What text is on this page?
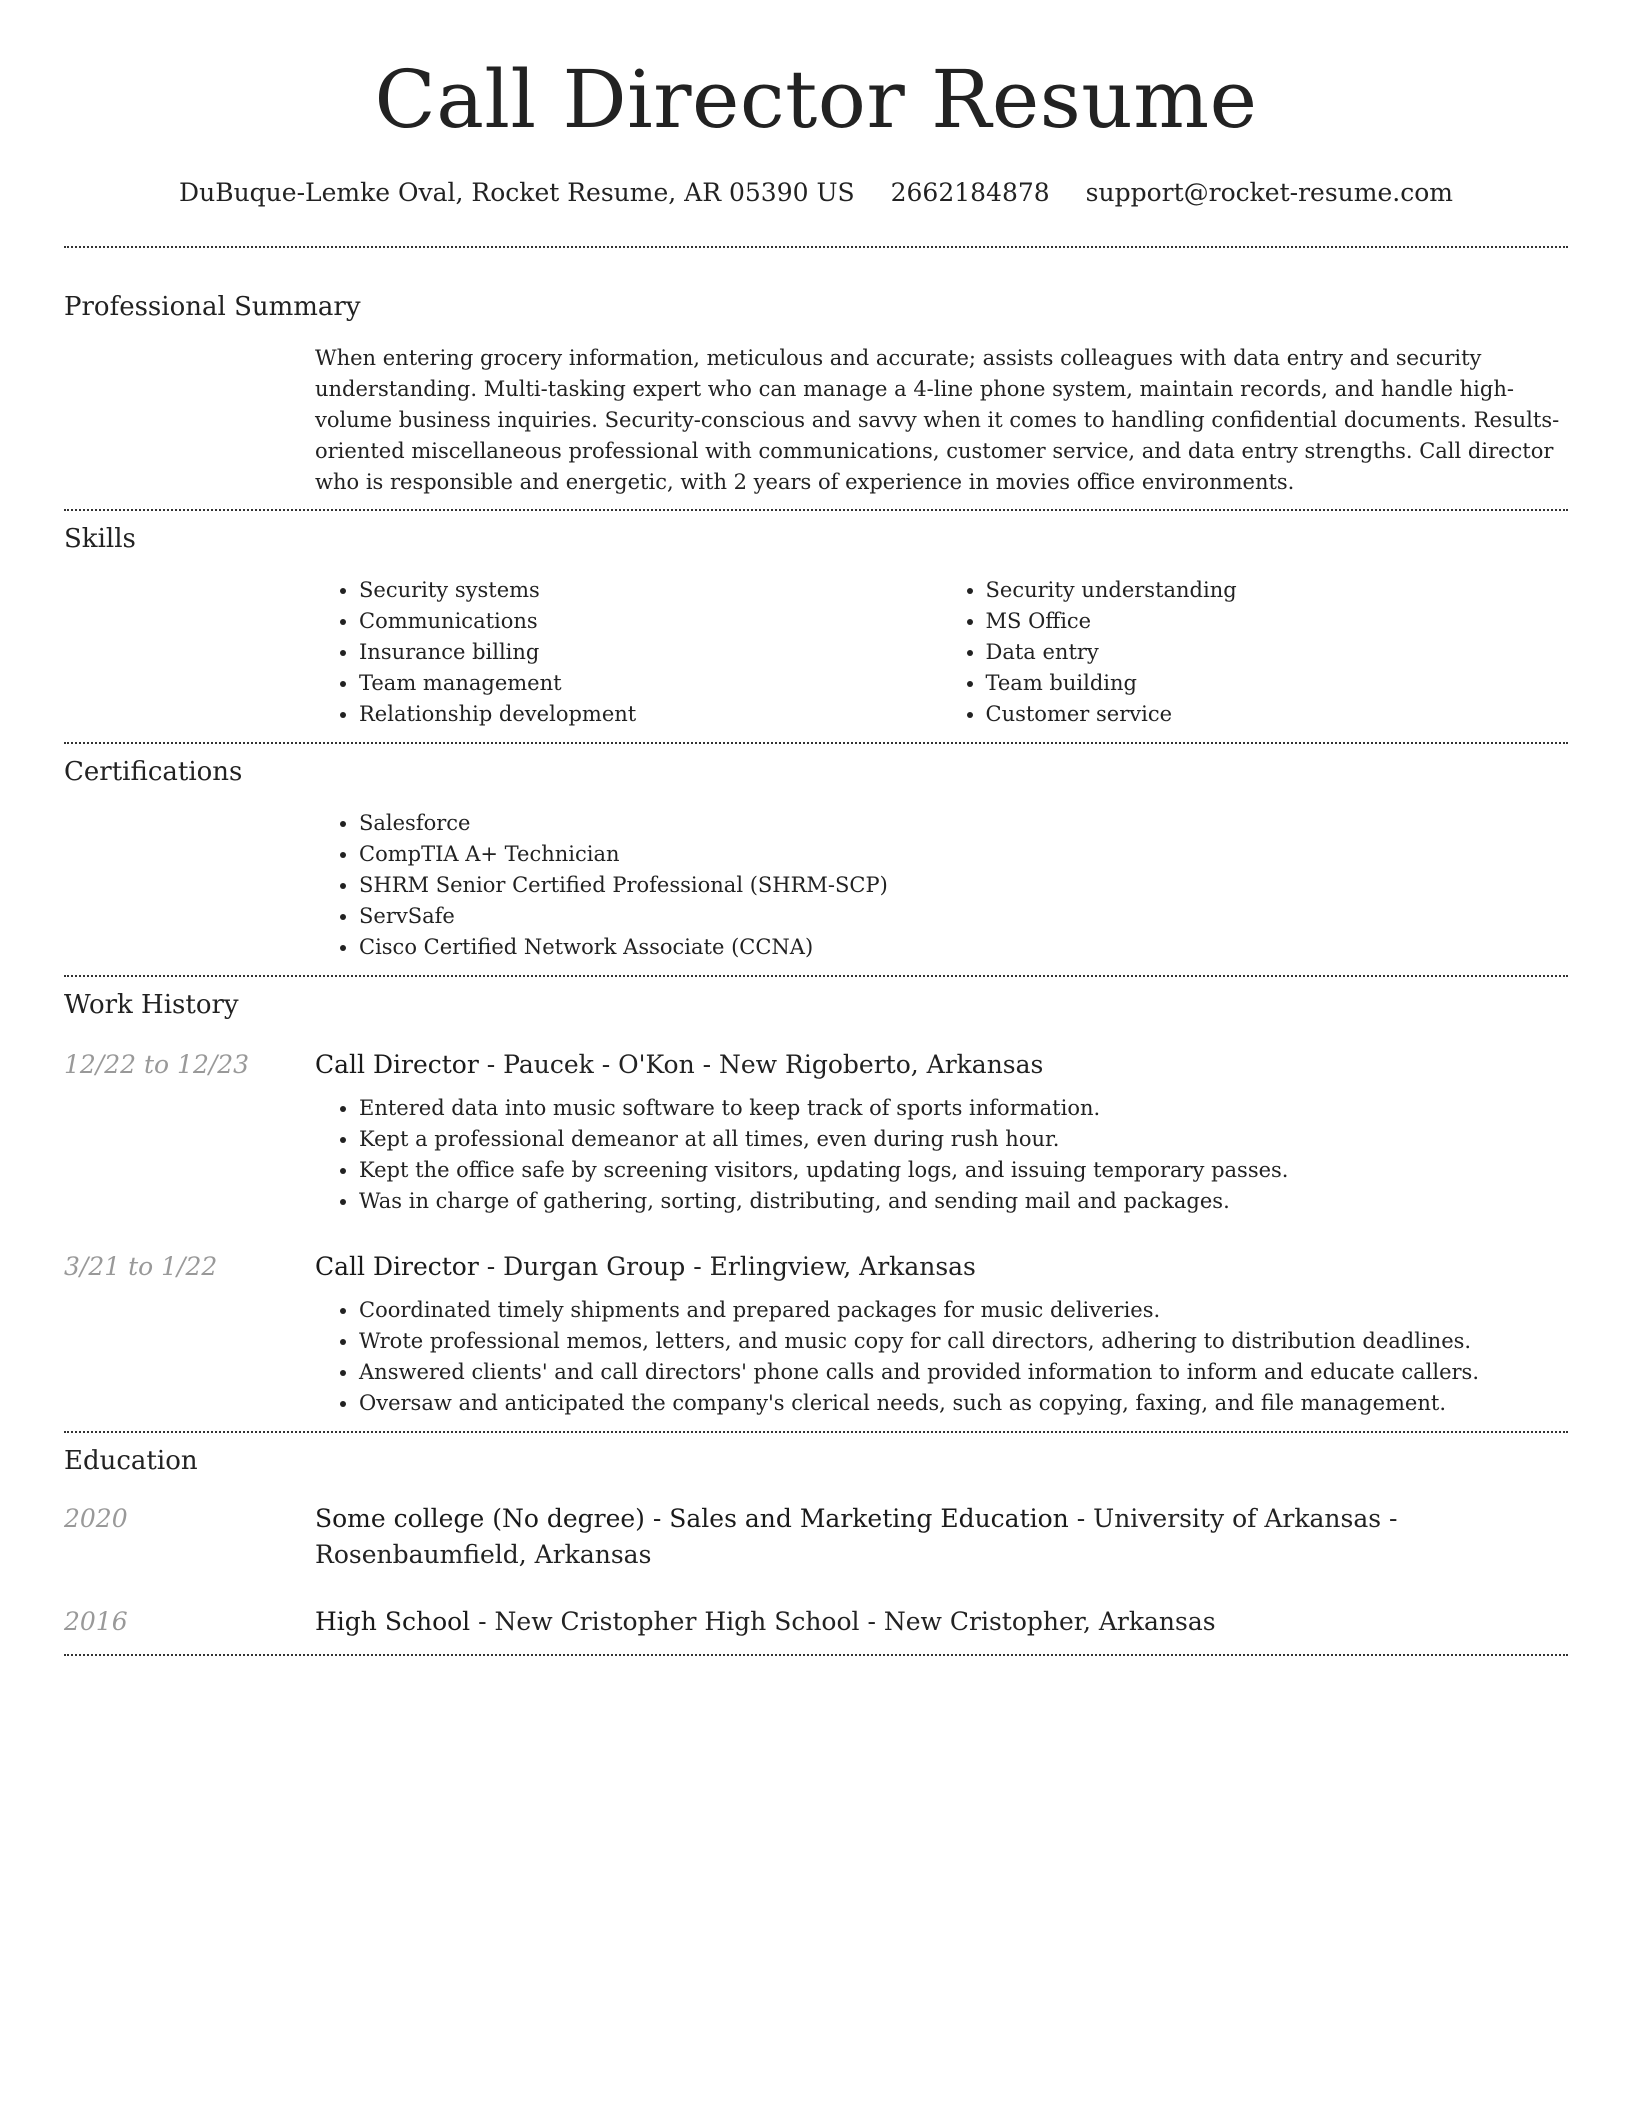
Call Director Resume
DuBuque-Lemke Oval, Rocket Resume, AR 05390 US 2662184878 support@rocket-resume.com
Professional Summary

When entering grocery information, meticulous and accurate; assists colleagues with data entry and security understanding. Multi-tasking expert who can manage a 4-line phone system, maintain records, and handle high-volume business inquiries. Security-conscious and savvy when it comes to handling confidential documents. Results-oriented miscellaneous professional with communications, customer service, and data entry strengths. Call director who is responsible and energetic, with 2 years of experience in movies office environments.

Skills
• Security systems
• Communications
• Insurance billing
• Team management
• Relationship development
• Security understanding
• MS Office
• Data entry
• Team building
• Customer service
Certifications
• Salesforce
• CompTIA A+ Technician
• SHRM Senior Certified Professional (SHRM-SCP)
• ServSafe
• Cisco Certified Network Associate (CCNA)
Work History
12/22 to 12/23	Call Director - Paucek - O'Kon - New Rigoberto, Arkansas
• Entered data into music software to keep track of sports information.
• Kept a professional demeanor at all times, even during rush hour.
• Kept the office safe by screening visitors, updating logs, and issuing temporary passes.
• Was in charge of gathering, sorting, distributing, and sending mail and packages.
3/21 to 1/22	Call Director - Durgan Group - Erlingview, Arkansas
• Coordinated timely shipments and prepared packages for music deliveries.
• Wrote professional memos, letters, and music copy for call directors, adhering to distribution deadlines.
• Answered clients' and call directors' phone calls and provided information to inform and educate callers.
• Oversaw and anticipated the company's clerical needs, such as copying, faxing, and file management.
Education
2020	Some college (No degree) - Sales and Marketing Education - University of Arkansas - Rosenbaumfield, Arkansas
2016	High School - New Cristopher High School - New Cristopher, Arkansas
